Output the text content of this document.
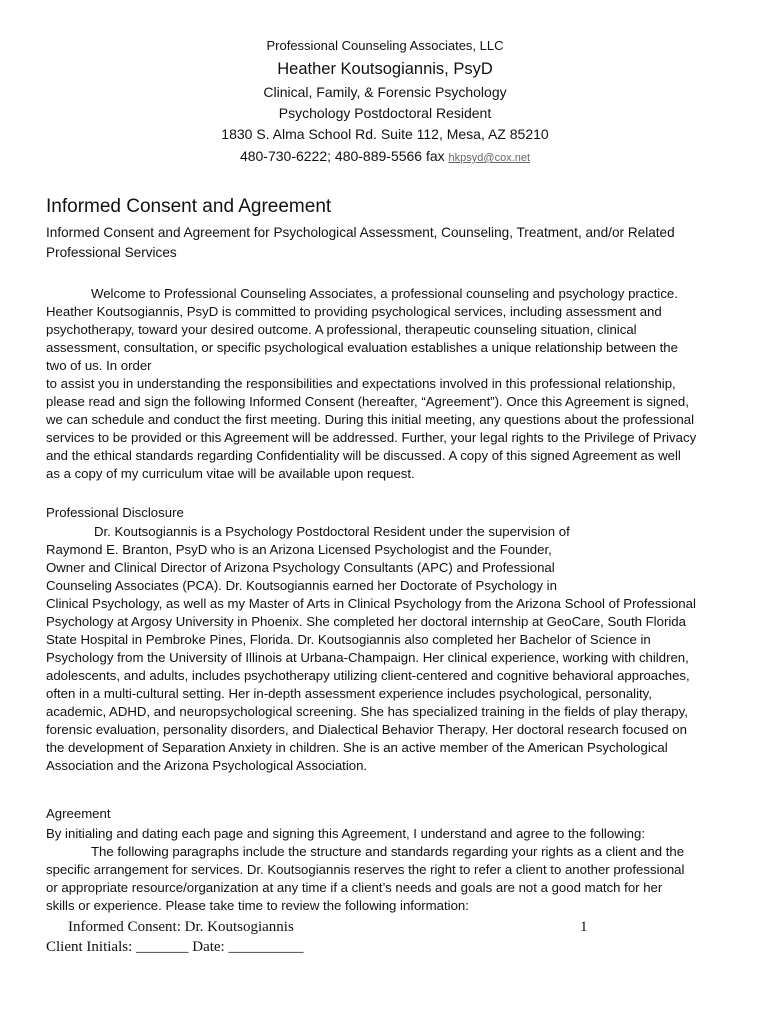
Professional Counseling Associates, LLC
Heather Koutsogiannis, PsyD
Clinical, Family, & Forensic Psychology
Psychology Postdoctoral Resident
1830 S. Alma School Rd. Suite 112, Mesa, AZ 85210
480-730-6222; 480-889-5566 fax hkpsyd@cox.net
Informed Consent and Agreement
Informed Consent and Agreement for Psychological Assessment, Counseling, Treatment, and/or Related
Professional Services
Welcome to Professional Counseling Associates, a professional counseling and psychology practice.
Heather Koutsogiannis, PsyD is committed to providing psychological services, including assessment and
psychotherapy, toward your desired outcome. A professional, therapeutic counseling situation, clinical
assessment, consultation, or specific psychological evaluation establishes a unique relationship between the
two of us. In order
to assist you in understanding the responsibilities and expectations involved in this professional relationship,
please read and sign the following Informed Consent (hereafter, “Agreement”). Once this Agreement is signed,
we can schedule and conduct the first meeting. During this initial meeting, any questions about the professional
services to be provided or this Agreement will be addressed. Further, your legal rights to the Privilege of Privacy
and the ethical standards regarding Confidentiality will be discussed. A copy of this signed Agreement as well
as a copy of my curriculum vitae will be available upon request.
Professional Disclosure
Dr. Koutsogiannis is a Psychology Postdoctoral Resident under the supervision of
Raymond E. Branton, PsyD who is an Arizona Licensed Psychologist and the Founder,
Owner and Clinical Director of Arizona Psychology Consultants (APC) and Professional
Counseling Associates (PCA). Dr. Koutsogiannis earned her Doctorate of Psychology in
Clinical Psychology, as well as my Master of Arts in Clinical Psychology from the Arizona School of Professional
Psychology at Argosy University in Phoenix. She completed her doctoral internship at GeoCare, South Florida
State Hospital in Pembroke Pines, Florida. Dr. Koutsogiannis also completed her Bachelor of Science in
Psychology from the University of Illinois at Urbana-Champaign. Her clinical experience, working with children,
adolescents, and adults, includes psychotherapy utilizing client-centered and cognitive behavioral approaches,
often in a multi-cultural setting. Her in-depth assessment experience includes psychological, personality,
academic, ADHD, and neuropsychological screening. She has specialized training in the fields of play therapy,
forensic evaluation, personality disorders, and Dialectical Behavior Therapy. Her doctoral research focused on
the development of Separation Anxiety in children. She is an active member of the American Psychological
Association and the Arizona Psychological Association.
Agreement
By initialing and dating each page and signing this Agreement, I understand and agree to the following:
The following paragraphs include the structure and standards regarding your rights as a client and the
specific arrangement for services. Dr. Koutsogiannis reserves the right to refer a client to another professional
or appropriate resource/organization at any time if a client’s needs and goals are not a good match for her
skills or experience. Please take time to review the following information:
Informed Consent: Dr. Koutsogiannis	1
Client Initials: _______ Date: __________
